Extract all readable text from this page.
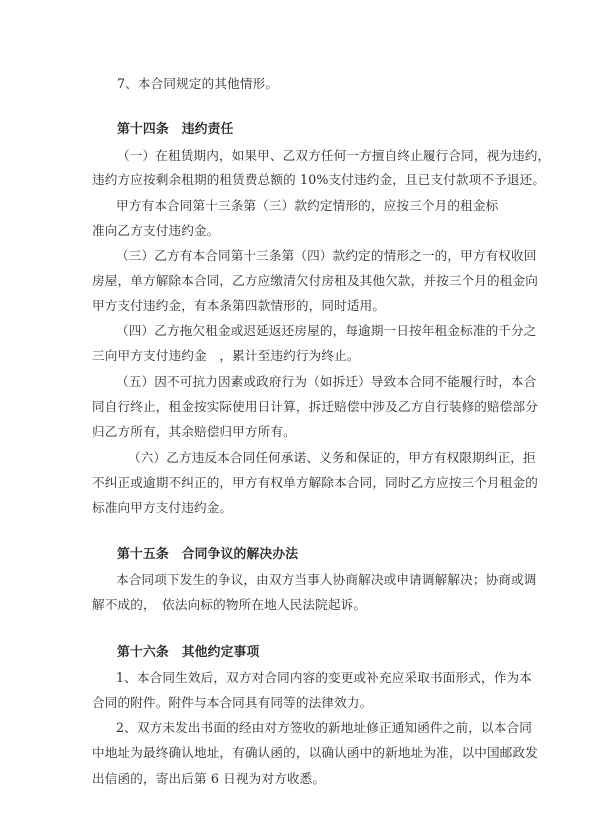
7、本合同规定的其他情形。
第十四条　违约责任
（一）在租赁期内，如果甲、乙双方任何一方擅自终止履行合同，视为违约，
违约方应按剩余租期的租赁费总额的 10%支付违约金，且已支付款项不予退还。
甲方有本合同第十三条第（三）款约定情形的，应按三个月的租金标
准向乙方支付违约金。
（三）乙方有本合同第十三条第（四）款约定的情形之一的，甲方有权收回
房屋，单方解除本合同，乙方应缴清欠付房租及其他欠款，并按三个月的租金向
甲方支付违约金，有本条第四款情形的，同时适用。
（四）乙方拖欠租金或迟延返还房屋的，每逾期一日按年租金标准的千分之
三向甲方支付违约金　，累计至违约行为终止。
（五）因不可抗力因素或政府行为（如拆迁）导致本合同不能履行时，本合
同自行终止，租金按实际使用日计算，拆迁赔偿中涉及乙方自行装修的赔偿部分
归乙方所有，其余赔偿归甲方所有。
（六）乙方违反本合同任何承诺、义务和保证的，甲方有权限期纠正，拒
不纠正或逾期不纠正的，甲方有权单方解除本合同，同时乙方应按三个月租金的
标准向甲方支付违约金。
第十五条　合同争议的解决办法
本合同项下发生的争议，由双方当事人协商解决或申请调解解决；协商或调
解不成的，　依法向标的物所在地人民法院起诉。
第十六条　其他约定事项
1、本合同生效后，双方对合同内容的变更或补充应采取书面形式，作为本
合同的附件。附件与本合同具有同等的法律效力。
2、双方未发出书面的经由对方签收的新地址修正通知函件之前，以本合同
中地址为最终确认地址，有确认函的，以确认函中的新地址为准，以中国邮政发
出信函的，寄出后第 6 日视为对方收悉。
